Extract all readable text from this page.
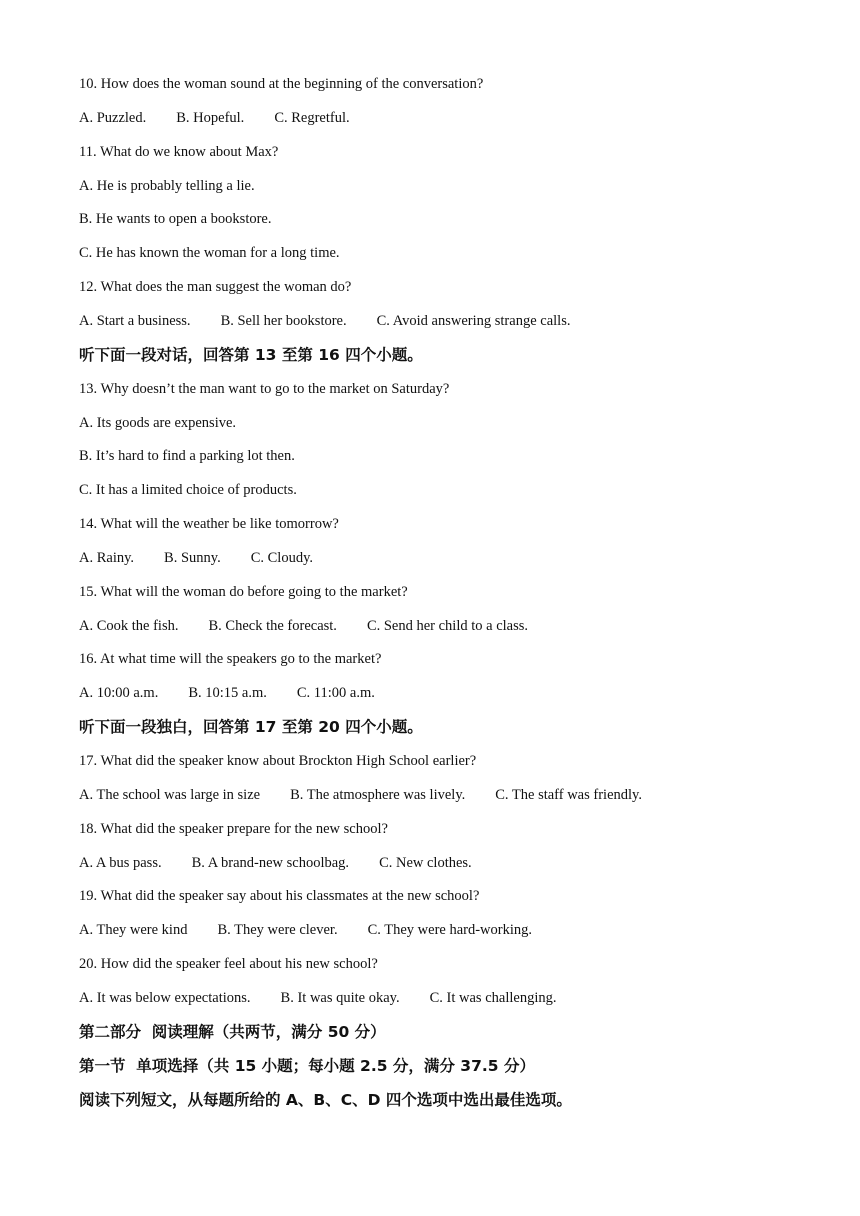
10. How does the woman sound at the beginning of the conversation?
A. Puzzled. B. Hopeful. C. Regretful.
11. What do we know about Max?
A. He is probably telling a lie.
B. He wants to open a bookstore.
C. He has known the woman for a long time.
12. What does the man suggest the woman do?
A. Start a business. B. Sell her bookstore. C. Avoid answering strange calls.
听下面一段对话，回答第 13 至第 16 四个小题。
13. Why doesn’t the man want to go to the market on Saturday?
A. Its goods are expensive.
B. It’s hard to find a parking lot then.
C. It has a limited choice of products.
14. What will the weather be like tomorrow?
A. Rainy. B. Sunny. C. Cloudy.
15. What will the woman do before going to the market?
A. Cook the fish. B. Check the forecast. C. Send her child to a class.
16. At what time will the speakers go to the market?
A. 10:00 a.m. B. 10:15 a.m. C. 11:00 a.m.
听下面一段独白，回答第 17 至第 20 四个小题。
17. What did the speaker know about Brockton High School earlier?
A. The school was large in size B. The atmosphere was lively. C. The staff was friendly.
18. What did the speaker prepare for the new school?
A. A bus pass. B. A brand-new schoolbag. C. New clothes.
19. What did the speaker say about his classmates at the new school?
A. They were kind B. They were clever. C. They were hard-working.
20. How did the speaker feel about his new school?
A. It was below expectations. B. It was quite okay. C. It was challenging.
第二部分  阅读理解（共两节，满分 50 分）
第一节  单项选择（共 15 小题；每小题 2.5 分，满分 37.5 分）
阅读下列短文，从每题所给的 A、B、C、D 四个选项中选出最佳选项。
